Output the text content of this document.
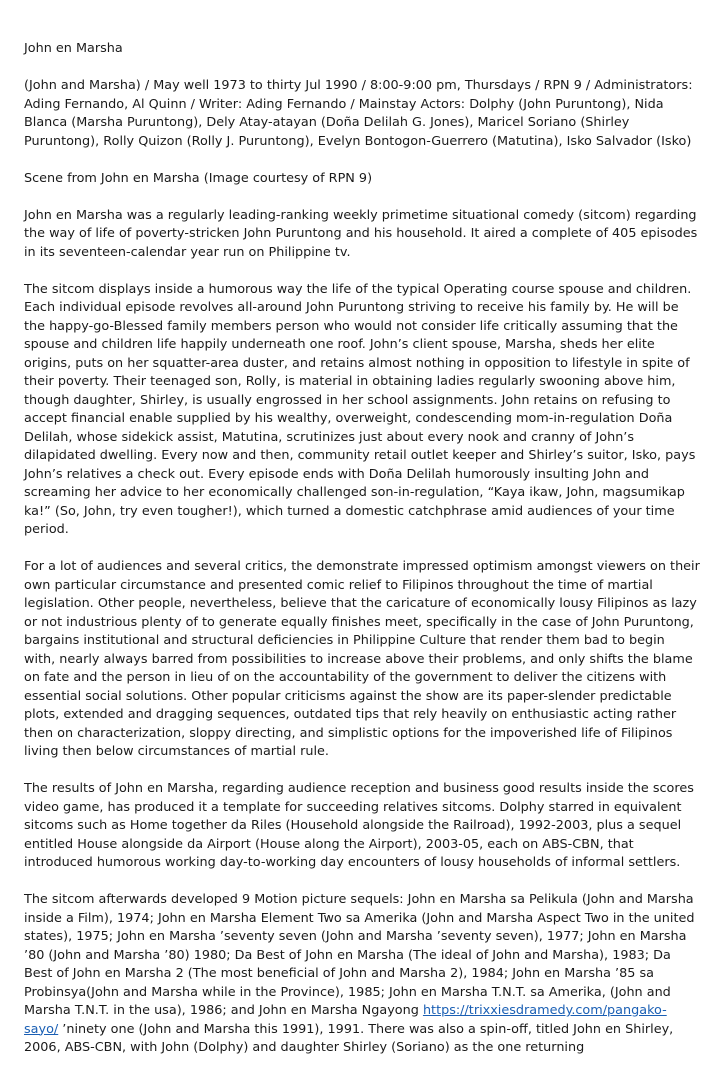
John en Marsha

(John and Marsha) / May well 1973 to thirty Jul 1990 / 8:00-9:00 pm, Thursdays / RPN 9 / Administrators: Ading Fernando, Al Quinn / Writer: Ading Fernando / Mainstay Actors: Dolphy (John Puruntong), Nida Blanca (Marsha Puruntong), Dely Atay-atayan (Doña Delilah G. Jones), Maricel Soriano (Shirley Puruntong), Rolly Quizon (Rolly J. Puruntong), Evelyn Bontogon-Guerrero (Matutina), Isko Salvador (Isko)

Scene from John en Marsha (Image courtesy of RPN 9)

John en Marsha was a regularly leading-ranking weekly primetime situational comedy (sitcom) regarding the way of life of poverty-stricken John Puruntong and his household. It aired a complete of 405 episodes in its seventeen-calendar year run on Philippine tv.

The sitcom displays inside a humorous way the life of the typical Operating course spouse and children. Each individual episode revolves all-around John Puruntong striving to receive his family by. He will be the happy-go-Blessed family members person who would not consider life critically assuming that the spouse and children life happily underneath one roof. John’s client spouse, Marsha, sheds her elite origins, puts on her squatter-area duster, and retains almost nothing in opposition to lifestyle in spite of their poverty. Their teenaged son, Rolly, is material in obtaining ladies regularly swooning above him, though daughter, Shirley, is usually engrossed in her school assignments. John retains on refusing to accept financial enable supplied by his wealthy, overweight, condescending mom-in-regulation Doña Delilah, whose sidekick assist, Matutina, scrutinizes just about every nook and cranny of John’s dilapidated dwelling. Every now and then, community retail outlet keeper and Shirley’s suitor, Isko, pays John’s relatives a check out. Every episode ends with Doña Delilah humorously insulting John and screaming her advice to her economically challenged son-in-regulation, “Kaya ikaw, John, magsumikap ka!” (So, John, try even tougher!), which turned a domestic catchphrase amid audiences of your time period.

For a lot of audiences and several critics, the demonstrate impressed optimism amongst viewers on their own particular circumstance and presented comic relief to Filipinos throughout the time of martial legislation. Other people, nevertheless, believe that the caricature of economically lousy Filipinos as lazy or not industrious plenty of to generate equally finishes meet, specifically in the case of John Puruntong, bargains institutional and structural deficiencies in Philippine Culture that render them bad to begin with, nearly always barred from possibilities to increase above their problems, and only shifts the blame on fate and the person in lieu of on the accountability of the government to deliver the citizens with essential social solutions. Other popular criticisms against the show are its paper-slender predictable plots, extended and dragging sequences, outdated tips that rely heavily on enthusiastic acting rather then on characterization, sloppy directing, and simplistic options for the impoverished life of Filipinos living then below circumstances of martial rule.

The results of John en Marsha, regarding audience reception and business good results inside the scores video game, has produced it a template for succeeding relatives sitcoms. Dolphy starred in equivalent sitcoms such as Home together da Riles (Household alongside the Railroad), 1992-2003, plus a sequel entitled House alongside da Airport (House along the Airport), 2003-05, each on ABS-CBN, that introduced humorous working day-to-working day encounters of lousy households of informal settlers.

The sitcom afterwards developed 9 Motion picture sequels: John en Marsha sa Pelikula (John and Marsha inside a Film), 1974; John en Marsha Element Two sa Amerika (John and Marsha Aspect Two in the united states), 1975; John en Marsha ’seventy seven (John and Marsha ’seventy seven), 1977; John en Marsha ’80 (John and Marsha ’80) 1980; Da Best of John en Marsha (The ideal of John and Marsha), 1983; Da Best of John en Marsha 2 (The most beneficial of John and Marsha 2), 1984; John en Marsha ’85 sa Probinsya(John and Marsha while in the Province), 1985; John en Marsha T.N.T. sa Amerika, (John and Marsha T.N.T. in the usa), 1986; and John en Marsha Ngayong https://trixxiesdramedy.com/pangako-sayo/ ’ninety one (John and Marsha this 1991), 1991. There was also a spin-off, titled John en Shirley, 2006, ABS-CBN, with John (Dolphy) and daughter Shirley (Soriano) as the one returning
